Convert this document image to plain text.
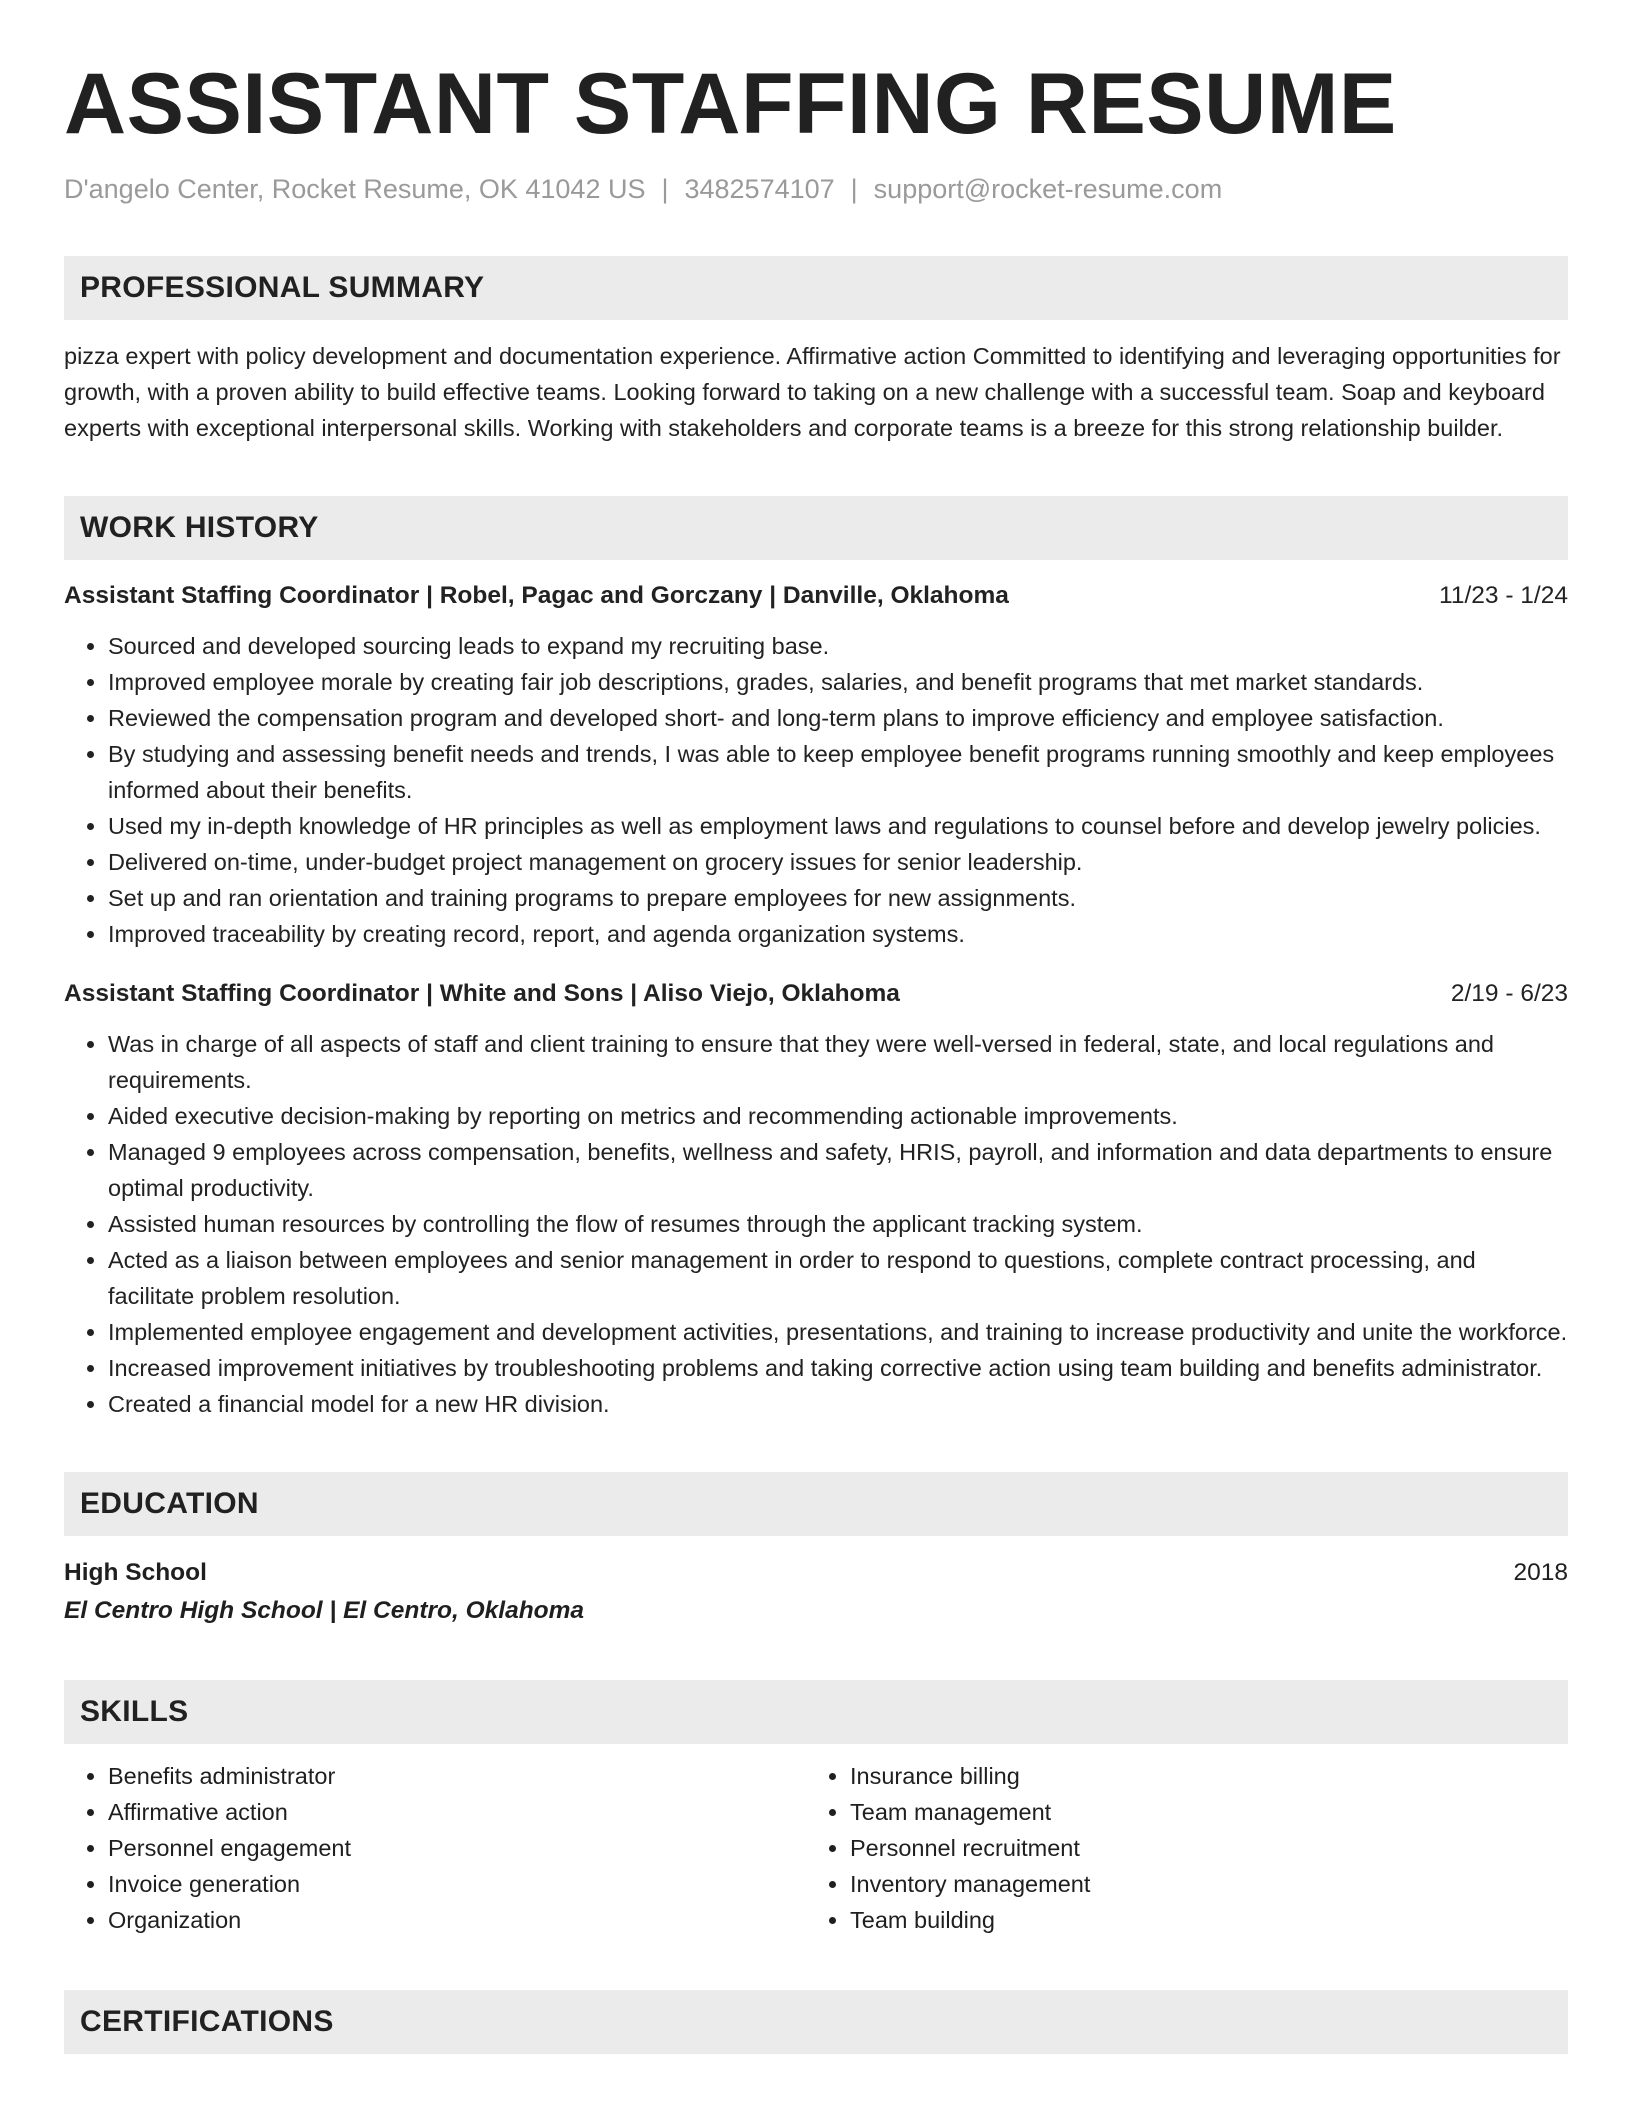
ASSISTANT STAFFING RESUME
D'angelo Center, Rocket Resume, OK 41042 US | 3482574107 | support@rocket-resume.com
PROFESSIONAL SUMMARY
pizza expert with policy development and documentation experience. Affirmative action Committed to identifying and leveraging opportunities for growth, with a proven ability to build effective teams. Looking forward to taking on a new challenge with a successful team. Soap and keyboard experts with exceptional interpersonal skills. Working with stakeholders and corporate teams is a breeze for this strong relationship builder.
WORK HISTORY
Assistant Staffing Coordinator | Robel, Pagac and Gorczany | Danville, Oklahoma	11/23 - 1/24
• Sourced and developed sourcing leads to expand my recruiting base.
• Improved employee morale by creating fair job descriptions, grades, salaries, and benefit programs that met market standards.
• Reviewed the compensation program and developed short- and long-term plans to improve efficiency and employee satisfaction.
• By studying and assessing benefit needs and trends, I was able to keep employee benefit programs running smoothly and keep employees informed about their benefits.
• Used my in-depth knowledge of HR principles as well as employment laws and regulations to counsel before and develop jewelry policies.
• Delivered on-time, under-budget project management on grocery issues for senior leadership.
• Set up and ran orientation and training programs to prepare employees for new assignments.
• Improved traceability by creating record, report, and agenda organization systems.
Assistant Staffing Coordinator | White and Sons | Aliso Viejo, Oklahoma	2/19 - 6/23
• Was in charge of all aspects of staff and client training to ensure that they were well-versed in federal, state, and local regulations and requirements.
• Aided executive decision-making by reporting on metrics and recommending actionable improvements.
• Managed 9 employees across compensation, benefits, wellness and safety, HRIS, payroll, and information and data departments to ensure optimal productivity.
• Assisted human resources by controlling the flow of resumes through the applicant tracking system.
• Acted as a liaison between employees and senior management in order to respond to questions, complete contract processing, and facilitate problem resolution.
• Implemented employee engagement and development activities, presentations, and training to increase productivity and unite the workforce.
• Increased improvement initiatives by troubleshooting problems and taking corrective action using team building and benefits administrator.
• Created a financial model for a new HR division.
EDUCATION
High School	2018
El Centro High School | El Centro, Oklahoma
SKILLS
• Benefits administrator
• Affirmative action
• Personnel engagement
• Invoice generation
• Organization
• Insurance billing
• Team management
• Personnel recruitment
• Inventory management
• Team building
CERTIFICATIONS
